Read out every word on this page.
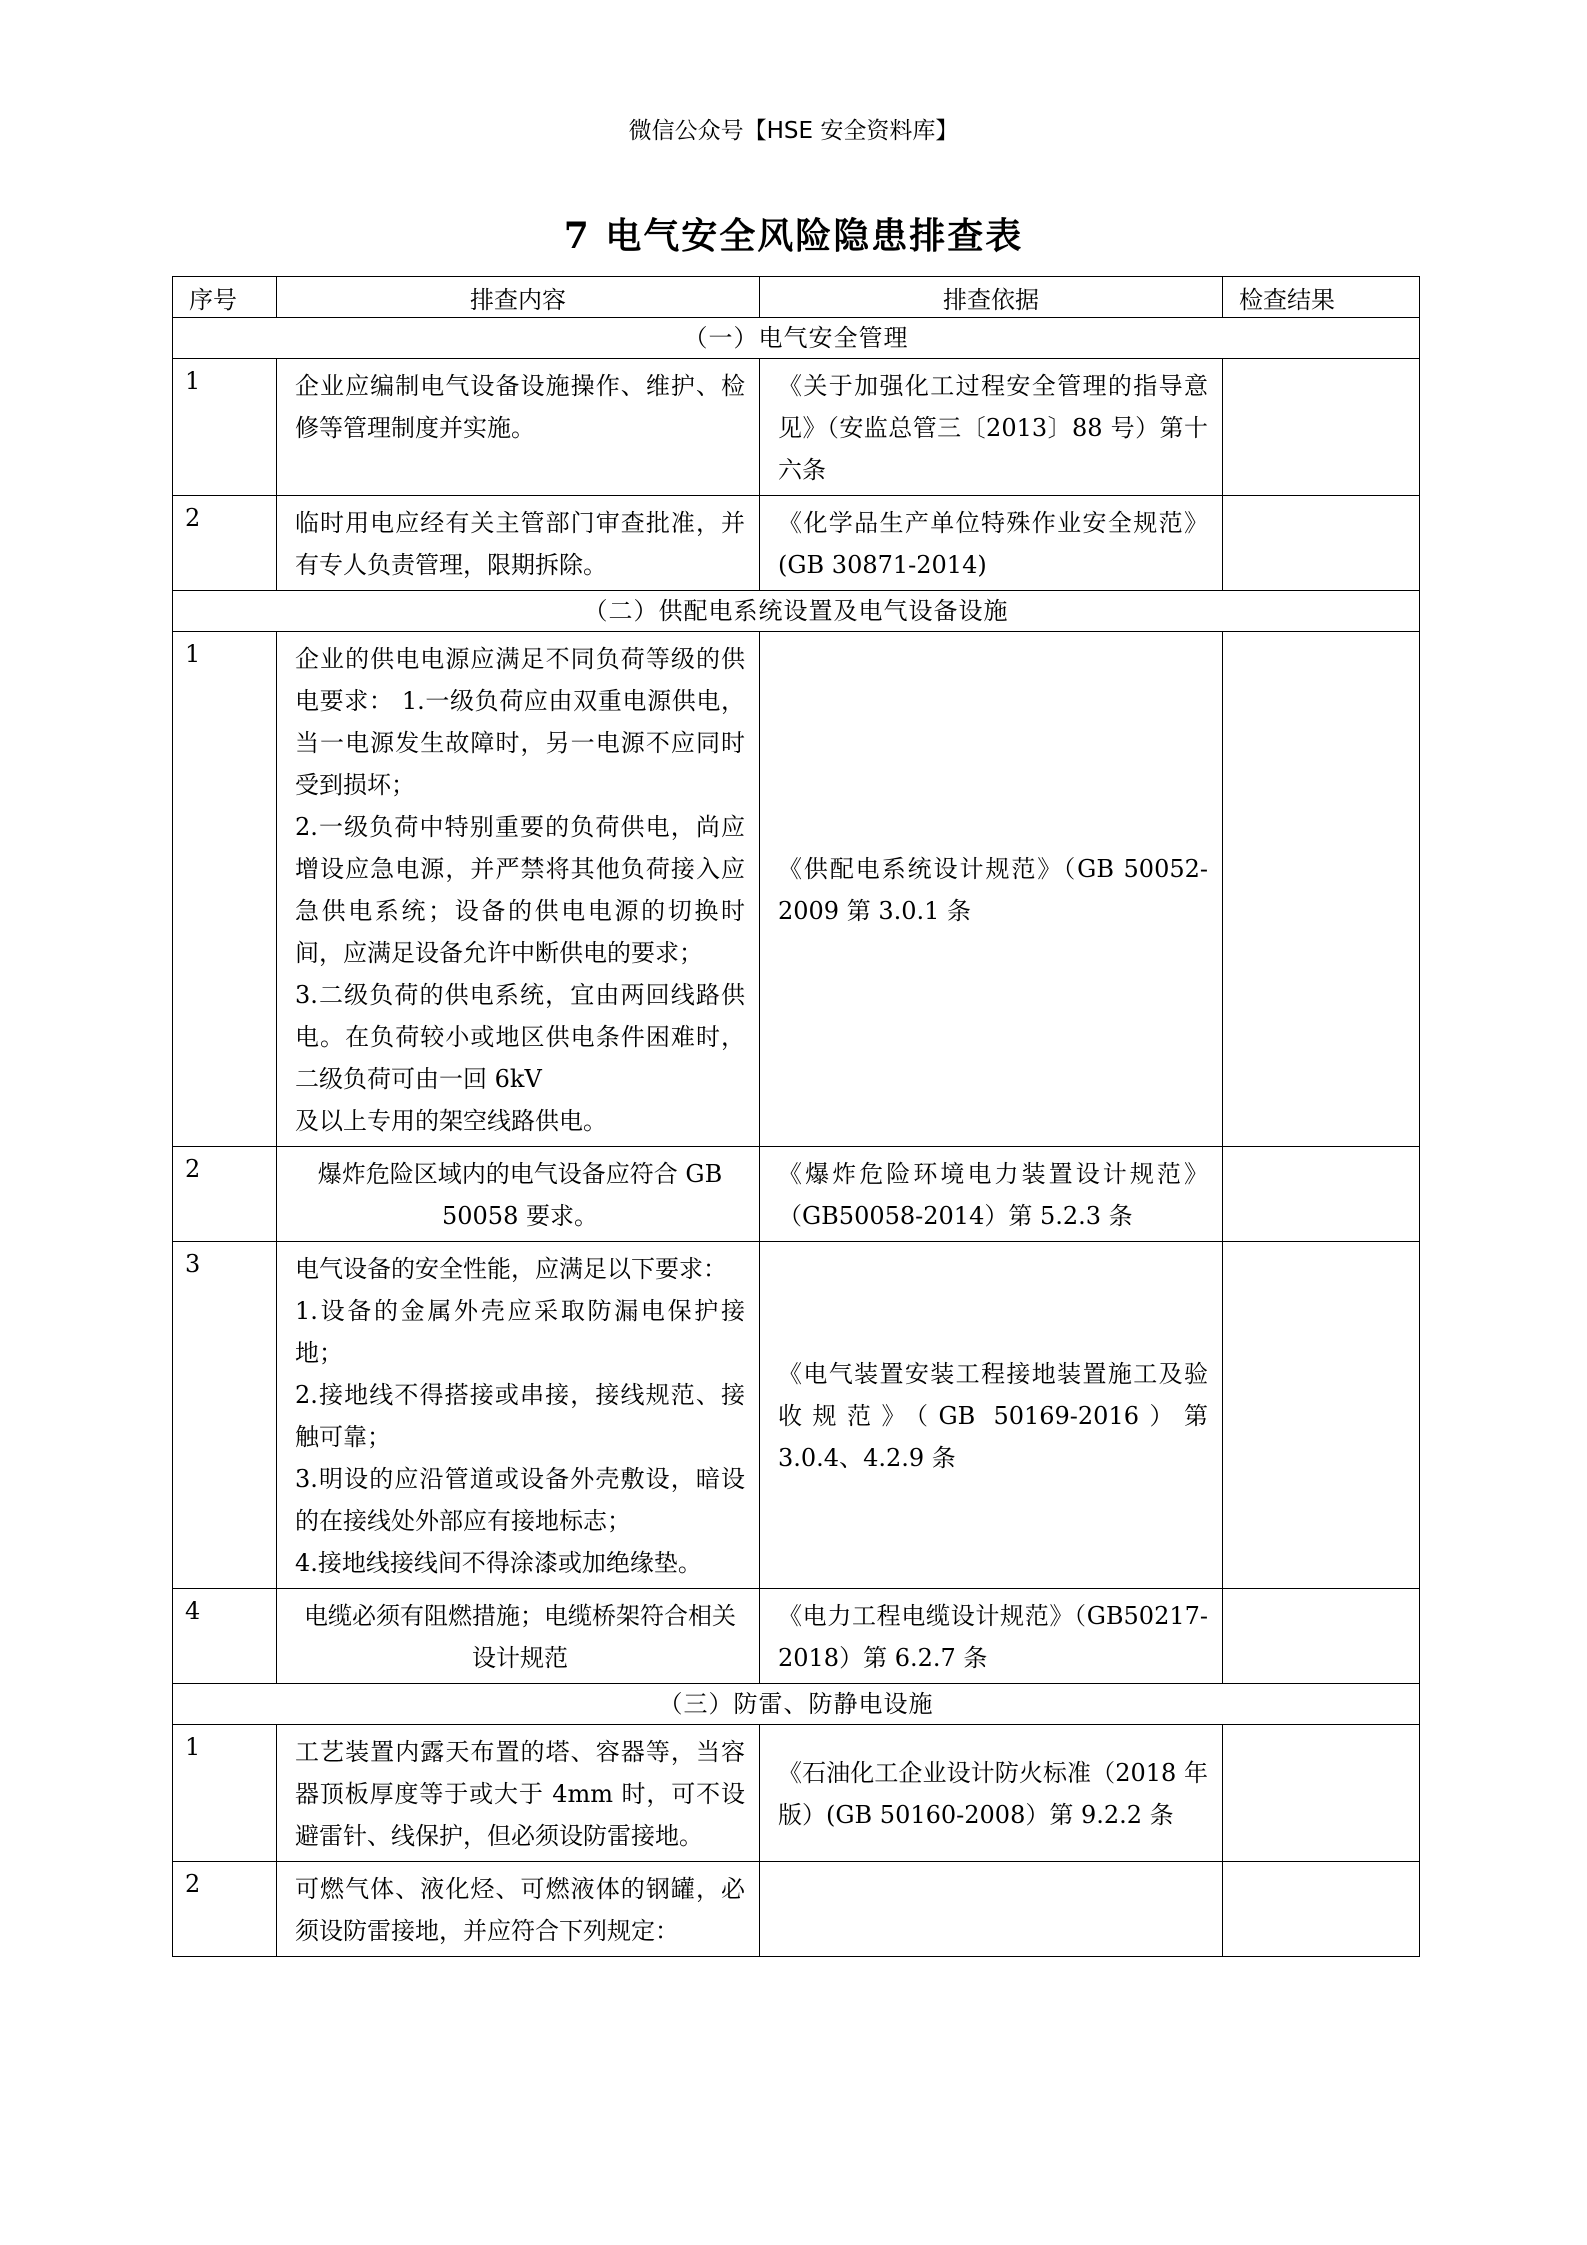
微信公众号【HSE 安全资料库】
7 电气安全风险隐患排查表
序号	排查内容	排查依据	检查结果
（一）电气安全管理			
1	企业应编制电气设备设施操作、维护、检修等管理制度并实施。	《关于加强化工过程安全管理的指导意见》（安监总管三〔2013〕88 号）第十六条	
2	临时用电应经有关主管部门审查批准，并有专人负责管理，限期拆除。	《化学品生产单位特殊作业安全规范》(GB 30871-2014)	
（二）供配电系统设置及电气设备设施			
1	企业的供电电源应满足不同负荷等级的供电要求： 1.一级负荷应由双重电源供电，当一电源发生故障时，另一电源不应同时受到损坏；
2.一级负荷中特别重要的负荷供电，尚应增设应急电源，并严禁将其他负荷接入应急供电系统；设备的供电电源的切换时间，应满足设备允许中断供电的要求；
3.二级负荷的供电系统，宜由两回线路供电。在负荷较小或地区供电条件困难时，二级负荷可由一回 6kV
及以上专用的架空线路供电。	《供配电系统设计规范》（GB 50052-2009 第 3.0.1 条	
2	爆炸危险区域内的电气设备应符合 GB 50058 要求。	《爆炸危险环境电力装置设计规范》（GB50058-2014）第 5.2.3 条	
3	电气设备的安全性能，应满足以下要求：
1.设备的金属外壳应采取防漏电保护接地；
2.接地线不得搭接或串接，接线规范、接触可靠；
3.明设的应沿管道或设备外壳敷设，暗设的在接线处外部应有接地标志；
4.接地线接线间不得涂漆或加绝缘垫。	《电气装置安装工程接地装置施工及验收规范》（GB 50169-2016）第3.0.4、4.2.9 条	
4	电缆必须有阻燃措施；电缆桥架符合相关设计规范	《电力工程电缆设计规范》（GB50217-2018）第 6.2.7 条	
（三）防雷、防静电设施			
1	工艺装置内露天布置的塔、容器等，当容器顶板厚度等于或大于 4mm 时，可不设避雷针、线保护，但必须设防雷接地。	《石油化工企业设计防火标准（2018 年版）(GB 50160-2008）第 9.2.2 条	
2	可燃气体、液化烃、可燃液体的钢罐，必须设防雷接地，并应符合下列规定：		
